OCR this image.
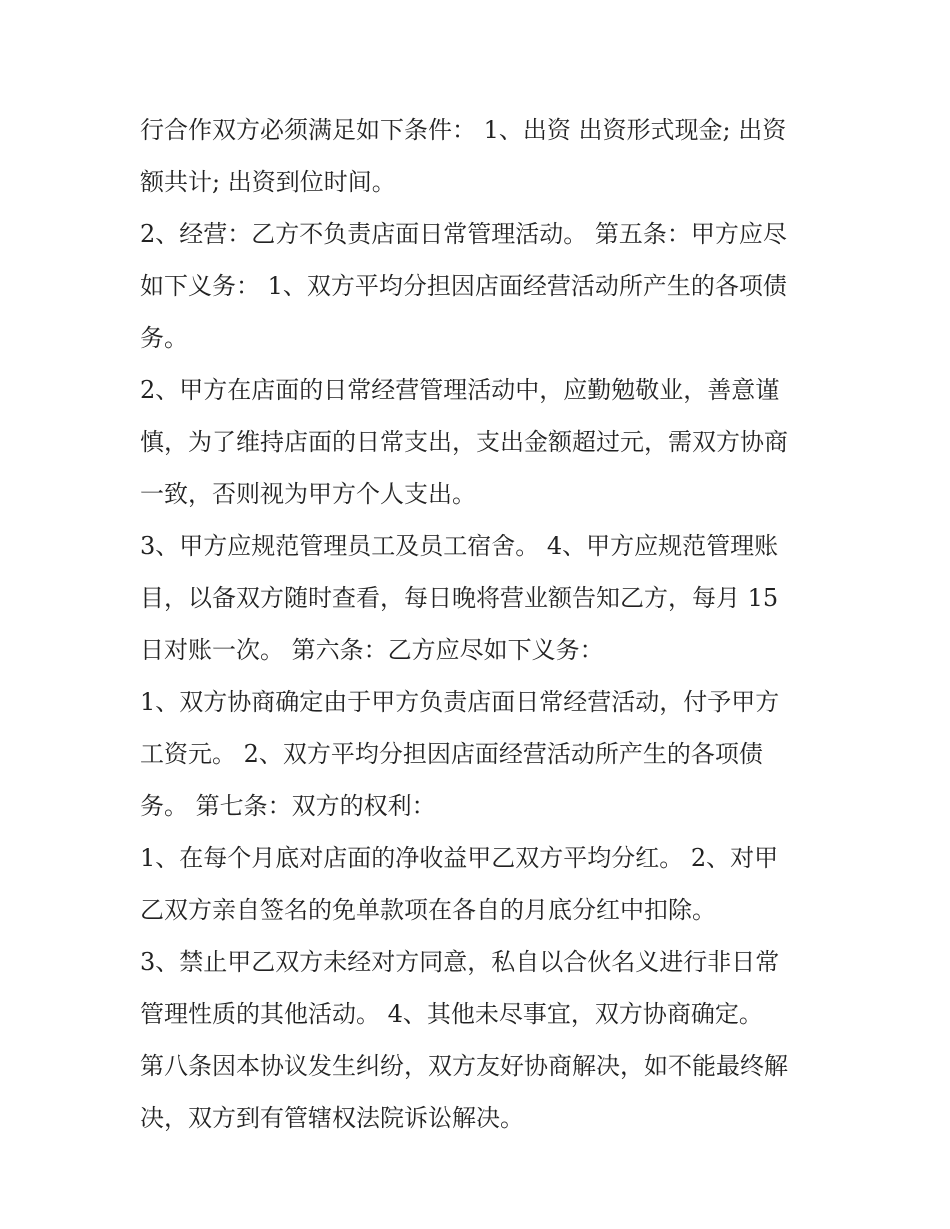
行合作双方必须满足如下条件： 1、出资 出资形式现金; 出资
额共计; 出资到位时间。
2、经营：乙方不负责店面日常管理活动。 第五条：甲方应尽
如下义务： 1、双方平均分担因店面经营活动所产生的各项债
务。
2、甲方在店面的日常经营管理活动中，应勤勉敬业，善意谨
慎，为了维持店面的日常支出，支出金额超过元，需双方协商
一致，否则视为甲方个人支出。
3、甲方应规范管理员工及员工宿舍。 4、甲方应规范管理账
目，以备双方随时查看，每日晚将营业额告知乙方，每月 15
日对账一次。 第六条：乙方应尽如下义务：
1、双方协商确定由于甲方负责店面日常经营活动，付予甲方
工资元。 2、双方平均分担因店面经营活动所产生的各项债
务。 第七条：双方的权利：
1、在每个月底对店面的净收益甲乙双方平均分红。 2、对甲
乙双方亲自签名的免单款项在各自的月底分红中扣除。
3、禁止甲乙双方未经对方同意，私自以合伙名义进行非日常
管理性质的其他活动。 4、其他未尽事宜，双方协商确定。
第八条因本协议发生纠纷，双方友好协商解决，如不能最终解
决，双方到有管辖权法院诉讼解决。
